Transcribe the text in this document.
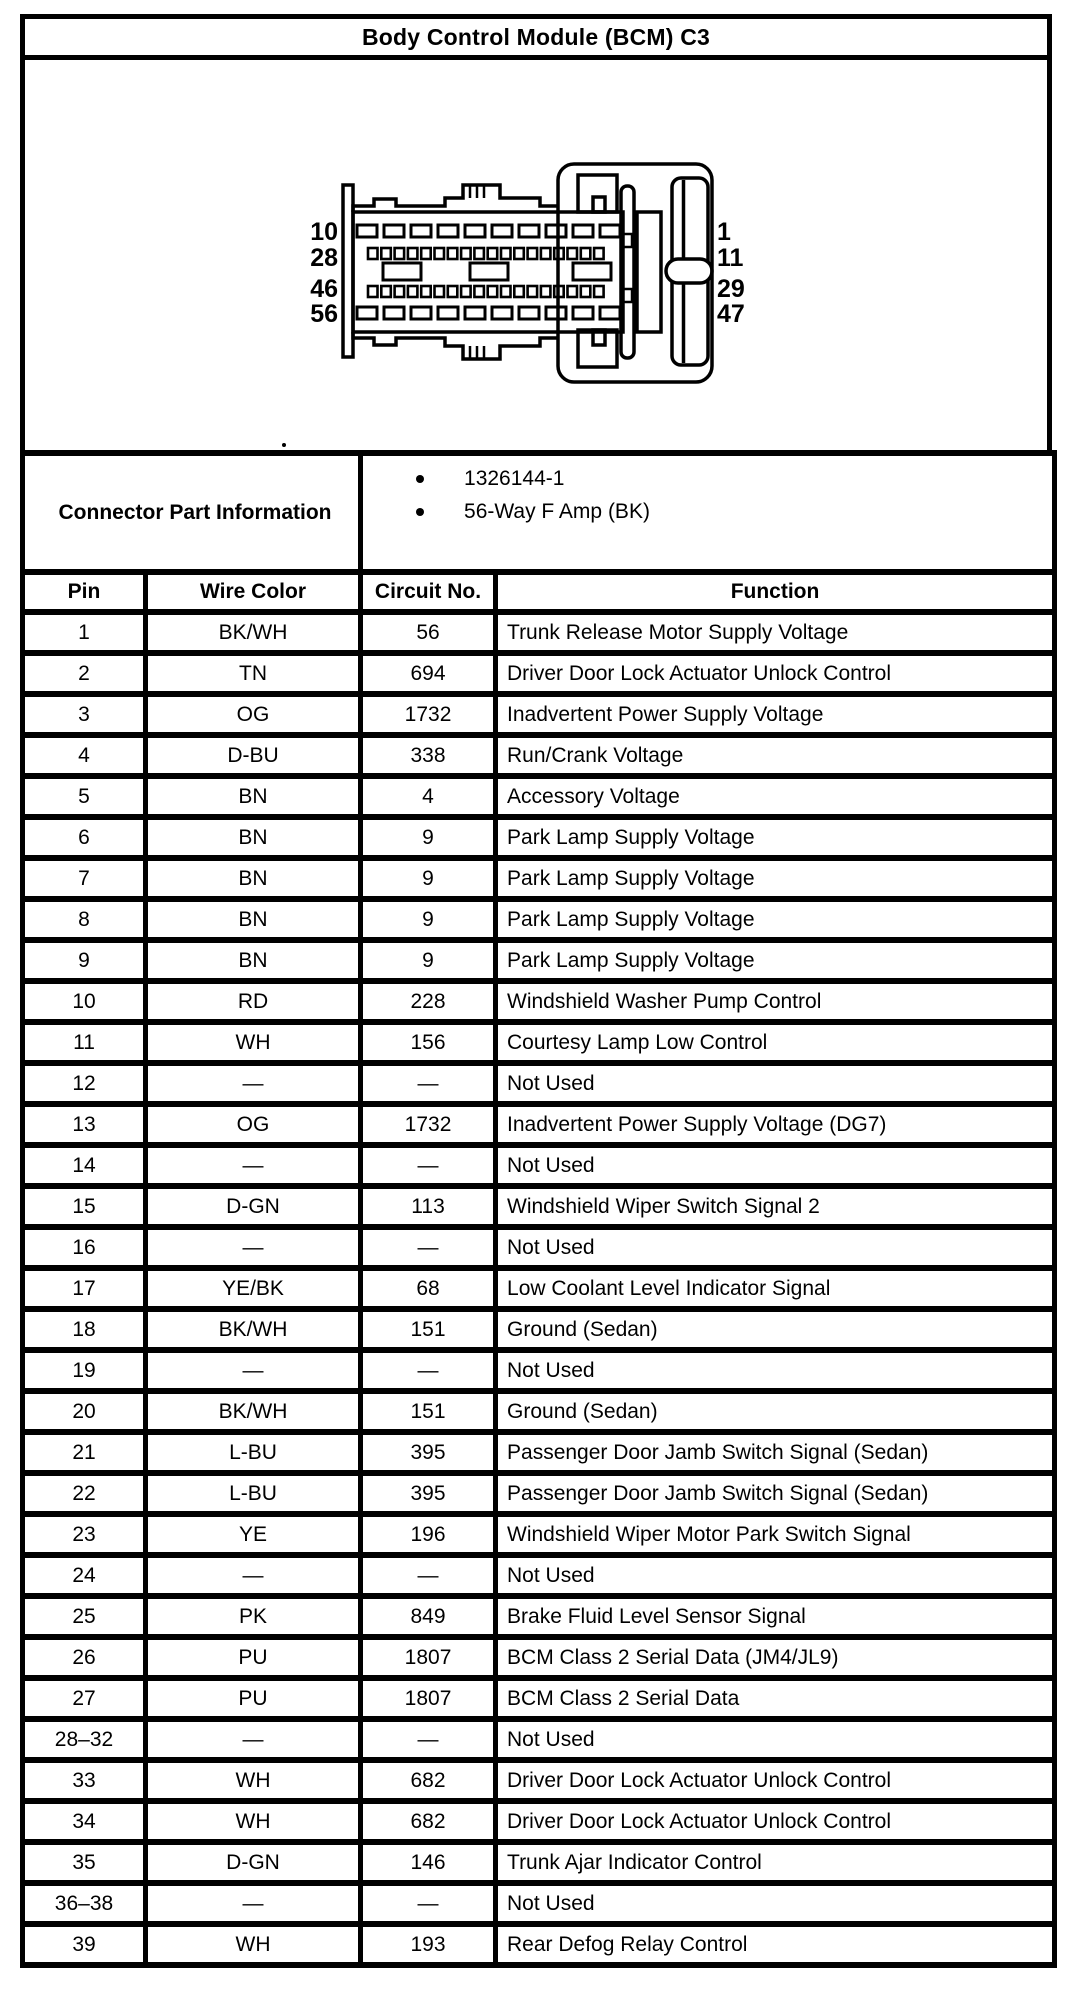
Body Control Module (BCM) C3
10
28
46
56
1
11
29
47
Connector Part Information		1326144-1
56-Way F Amp (BK)	

Pin	Wire Color	Circuit No.	Function
1	BK/WH	56	Trunk Release Motor Supply Voltage
2	TN	694	Driver Door Lock Actuator Unlock Control
3	OG	1732	Inadvertent Power Supply Voltage
4	D-BU	338	Run/Crank Voltage
5	BN	4	Accessory Voltage
6	BN	9	Park Lamp Supply Voltage
7	BN	9	Park Lamp Supply Voltage
8	BN	9	Park Lamp Supply Voltage
9	BN	9	Park Lamp Supply Voltage
10	RD	228	Windshield Washer Pump Control
11	WH	156	Courtesy Lamp Low Control
12	—	—	Not Used
13	OG	1732	Inadvertent Power Supply Voltage (DG7)
14	—	—	Not Used
15	D-GN	113	Windshield Wiper Switch Signal 2
16	—	—	Not Used
17	YE/BK	68	Low Coolant Level Indicator Signal
18	BK/WH	151	Ground (Sedan)
19	—	—	Not Used
20	BK/WH	151	Ground (Sedan)
21	L-BU	395	Passenger Door Jamb Switch Signal (Sedan)
22	L-BU	395	Passenger Door Jamb Switch Signal (Sedan)
23	YE	196	Windshield Wiper Motor Park Switch Signal
24	—	—	Not Used
25	PK	849	Brake Fluid Level Sensor Signal
26	PU	1807	BCM Class 2 Serial Data (JM4/JL9)
27	PU	1807	BCM Class 2 Serial Data
28–32	—	—	Not Used
33	WH	682	Driver Door Lock Actuator Unlock Control
34	WH	682	Driver Door Lock Actuator Unlock Control
35	D-GN	146	Trunk Ajar Indicator Control
36–38	—	—	Not Used
39	WH	193	Rear Defog Relay Control
